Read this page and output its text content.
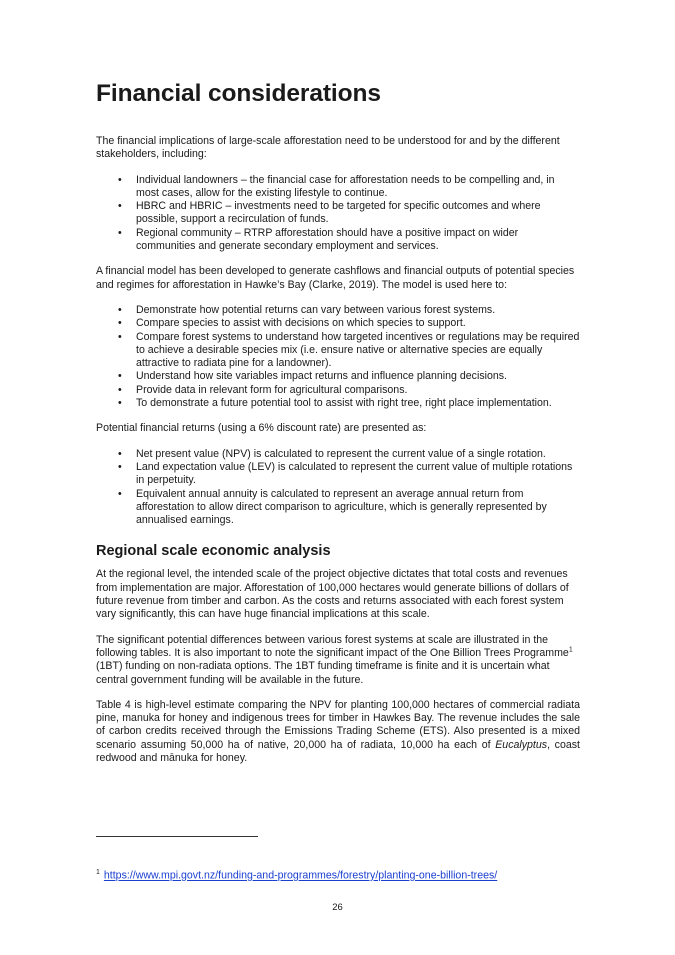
Financial considerations

The financial implications of large-scale afforestation need to be understood for and by the different stakeholders, including:

• Individual landowners – the financial case for afforestation needs to be compelling and, in most cases, allow for the existing lifestyle to continue.
• HBRC and HBRIC – investments need to be targeted for specific outcomes and where possible, support a recirculation of funds.
• Regional community – RTRP afforestation should have a positive impact on wider communities and generate secondary employment and services.

A financial model has been developed to generate cashflows and financial outputs of potential species and regimes for afforestation in Hawke’s Bay (Clarke, 2019). The model is used here to:

• Demonstrate how potential returns can vary between various forest systems.
• Compare species to assist with decisions on which species to support.
• Compare forest systems to understand how targeted incentives or regulations may be required to achieve a desirable species mix (i.e. ensure native or alternative species are equally attractive to radiata pine for a landowner).
• Understand how site variables impact returns and influence planning decisions.
• Provide data in relevant form for agricultural comparisons.
• To demonstrate a future potential tool to assist with right tree, right place implementation.

Potential financial returns (using a 6% discount rate) are presented as:

• Net present value (NPV) is calculated to represent the current value of a single rotation.
• Land expectation value (LEV) is calculated to represent the current value of multiple rotations in perpetuity.
• Equivalent annual annuity is calculated to represent an average annual return from afforestation to allow direct comparison to agriculture, which is generally represented by annualised earnings.
Regional scale economic analysis

At the regional level, the intended scale of the project objective dictates that total costs and revenues from implementation are major. Afforestation of 100,000 hectares would generate billions of dollars of future revenue from timber and carbon. As the costs and returns associated with each forest system vary significantly, this can have huge financial implications at this scale.

The significant potential differences between various forest systems at scale are illustrated in the following tables. It is also important to note the significant impact of the One Billion Trees Programme$^1$ (1BT) funding on non-radiata options. The 1BT funding timeframe is finite and it is uncertain what central government funding will be available in the future.

Table 4 is high-level estimate comparing the NPV for planting 100,000 hectares of commercial radiata pine, manuka for honey and indigenous trees for timber in Hawkes Bay. The revenue includes the sale of carbon credits received through the Emissions Trading Scheme (ETS). Also presented is a mixed scenario assuming 50,000 ha of native, 20,000 ha of radiata, 10,000 ha each of Eucalyptus, coast redwood and mānuka for honey.

$^1$ https://www.mpi.govt.nz/funding-and-programmes/forestry/planting-one-billion-trees/
26
